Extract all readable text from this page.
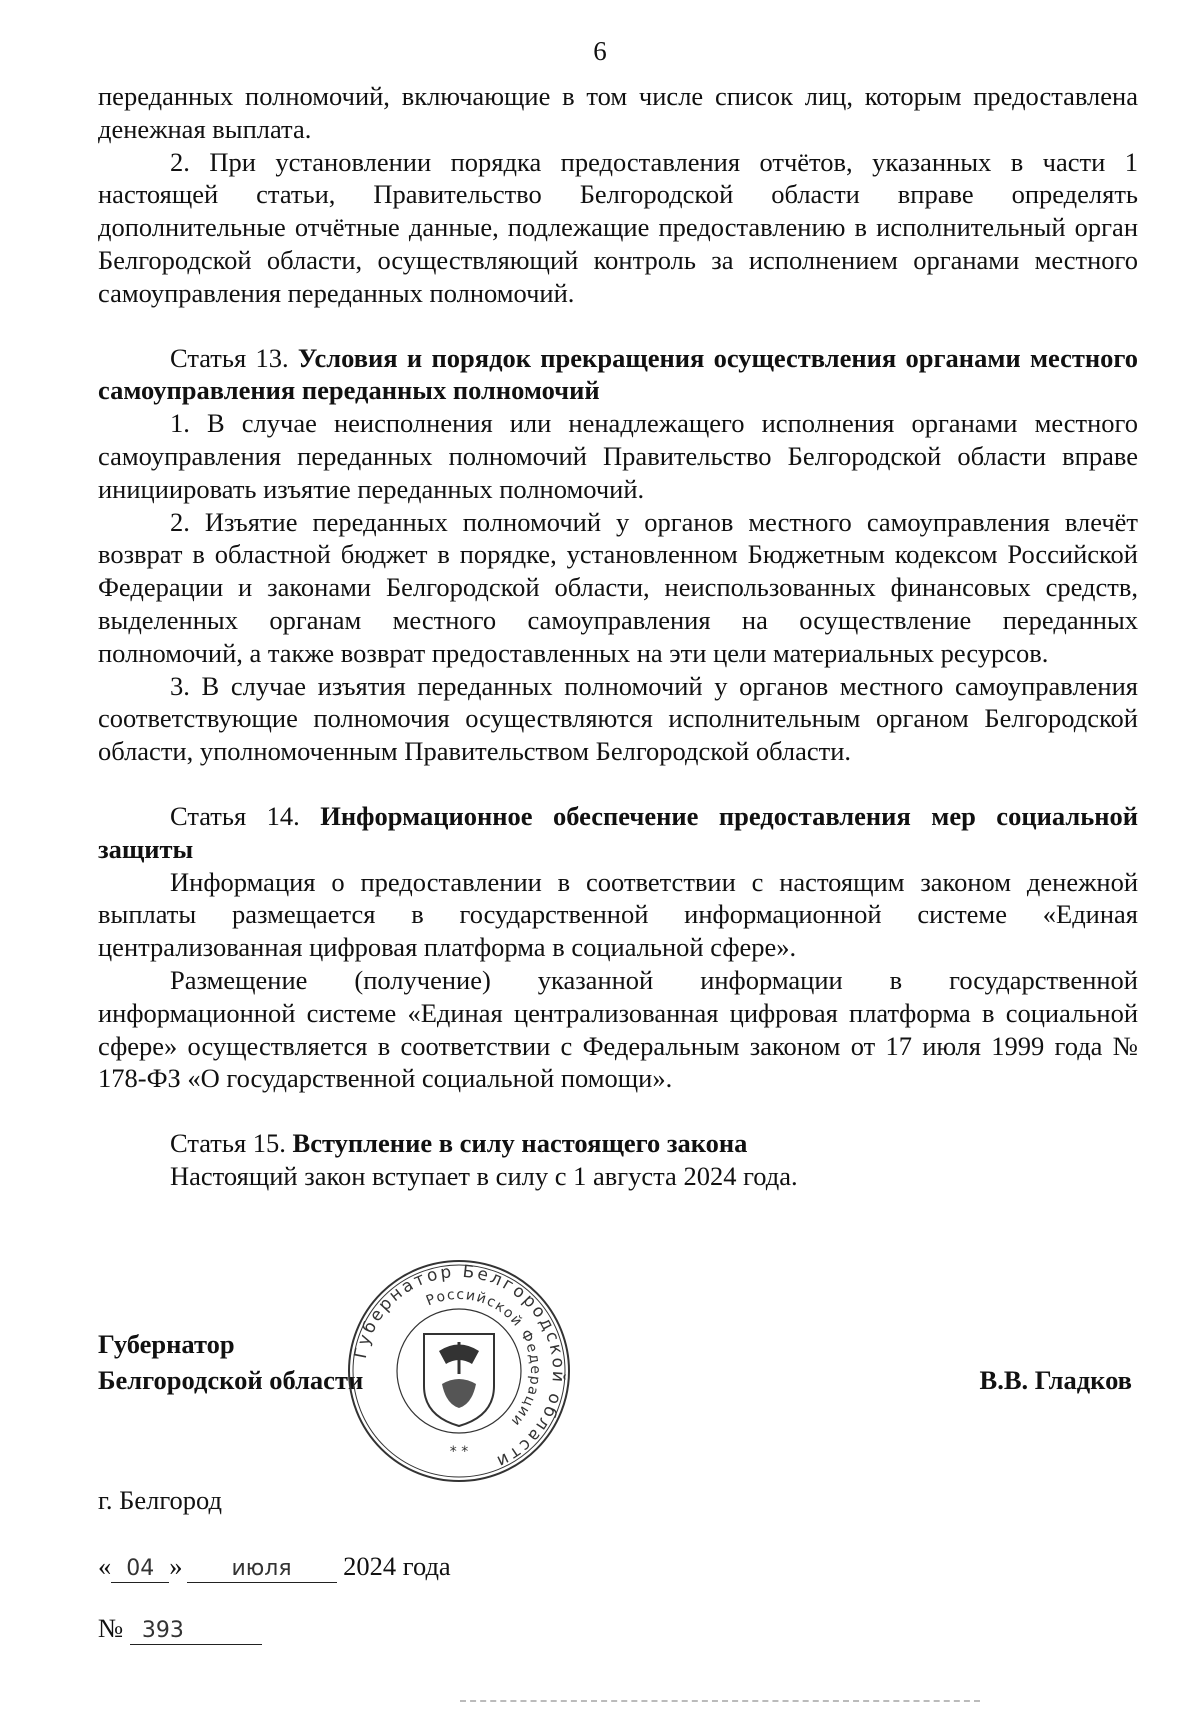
6

переданных полномочий, включающие в том числе список лиц, которым предоставлена денежная выплата.

2. При установлении порядка предоставления отчётов, указанных в части 1 настоящей статьи, Правительство Белгородской области вправе определять дополнительные отчётные данные, подлежащие предоставлению в исполнительный орган Белгородской области, осуществляющий контроль за исполнением органами местного самоуправления переданных полномочий.

Статья 13. Условия и порядок прекращения осуществления органами местного самоуправления переданных полномочий

1. В случае неисполнения или ненадлежащего исполнения органами местного самоуправления переданных полномочий Правительство Белгородской области вправе инициировать изъятие переданных полномочий.

2. Изъятие переданных полномочий у органов местного самоуправления влечёт возврат в областной бюджет в порядке, установленном Бюджетным кодексом Российской Федерации и законами Белгородской области, неиспользованных финансовых средств, выделенных органам местного самоуправления на осуществление переданных полномочий, а также возврат предоставленных на эти цели материальных ресурсов.

3. В случае изъятия переданных полномочий у органов местного самоуправления соответствующие полномочия осуществляются исполнительным органом Белгородской области, уполномоченным Правительством Белгородской области.

Статья 14. Информационное обеспечение предоставления мер социальной защиты

Информация о предоставлении в соответствии с настоящим законом денежной выплаты размещается в государственной информационной системе «Единая централизованная цифровая платформа в социальной сфере».

Размещение (получение) указанной информации в государственной информационной системе «Единая централизованная цифровая платформа в социальной сфере» осуществляется в соответствии с Федеральным законом от 17 июля 1999 года № 178-ФЗ «О государственной социальной помощи».

Статья 15. Вступление в силу настоящего закона

Настоящий закон вступает в силу с 1 августа 2024 года.

Губернатор
Белгородской области
Губернатор Белгородской области
Российской Федерации
* *
В.В. Гладков
г. Белгород
« 04 » июля 2024 года
№ 393
